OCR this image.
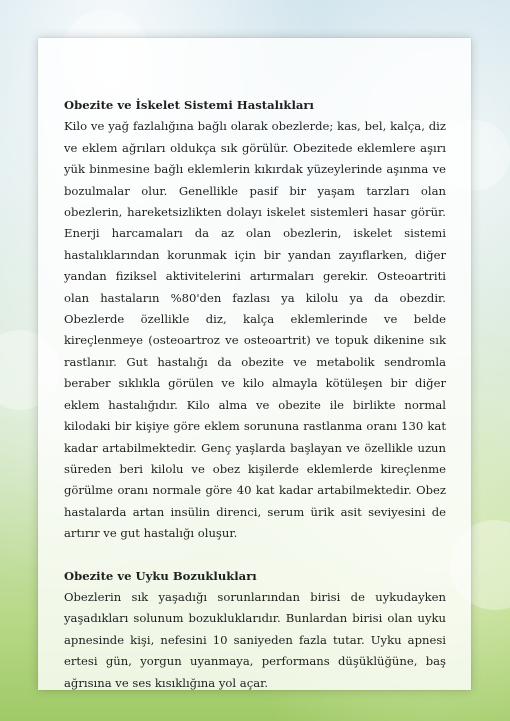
Obezite ve İskelet Sistemi Hastalıkları

Kilo ve yağ fazlalığına bağlı olarak obezlerde; kas, bel, kalça, diz ve eklem ağrıları oldukça sık görülür. Obezitede eklemlere aşırı yük binmesine bağlı eklemlerin kıkırdak yüzeylerinde aşınma ve bozulmalar olur. Genellikle pasif bir yaşam tarzları olan obezlerin, hareketsizlikten dolayı iskelet sistemleri hasar görür. Enerji harcamaları da az olan obezlerin, iskelet sistemi hastalıklarından korunmak için bir yandan zayıflarken, diğer yandan fiziksel aktivitelerini artırmaları gerekir. Osteoartriti olan hastaların %80'den fazlası ya kilolu ya da obezdir. Obezlerde özellikle diz, kalça eklemlerinde ve belde kireçlenmeye (osteoartroz ve osteoartrit) ve topuk dikenine sık rastlanır. Gut hastalığı da obezite ve metabolik sendromla beraber sıklıkla görülen ve kilo almayla kötüleşen bir diğer eklem hastalığıdır. Kilo alma ve obezite ile birlikte normal kilodaki bir kişiye göre eklem sorununa rastlanma oranı 130 kat kadar artabilmektedir. Genç yaşlarda başlayan ve özellikle uzun süreden beri kilolu ve obez kişilerde eklemlerde kireçlenme görülme oranı normale göre 40 kat kadar artabilmektedir. Obez hastalarda artan insülin direnci, serum ürik asit seviyesini de artırır ve gut hastalığı oluşur.

Obezite ve Uyku Bozuklukları

Obezlerin sık yaşadığı sorunlarından birisi de uykudayken yaşadıkları solunum bozukluklarıdır. Bunlardan birisi olan uyku apnesinde kişi, nefesini 10 saniyeden fazla tutar. Uyku apnesi ertesi gün, yorgun uyanmaya, performans düşüklüğüne, baş ağrısına ve ses kısıklığına yol açar.
